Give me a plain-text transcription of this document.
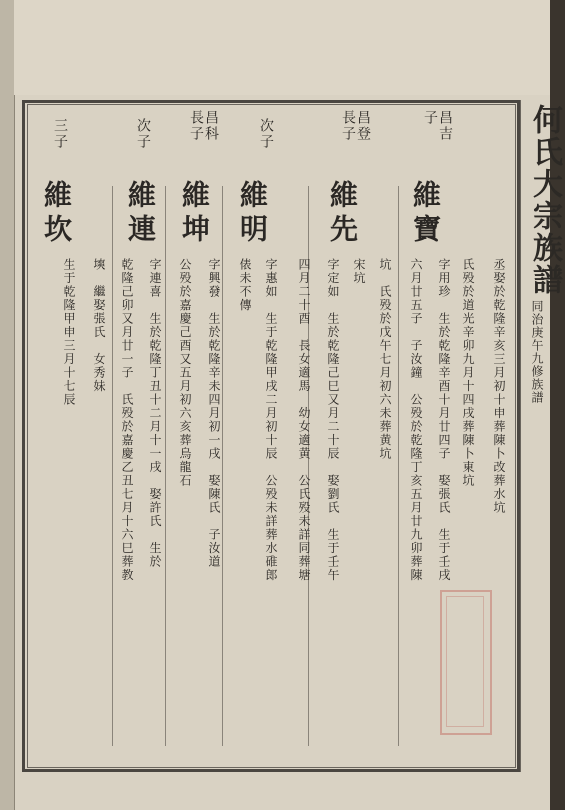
何氏大宗族譜
同治庚午九修族譜
昌吉
子
維寶
丞娶於乾隆辛亥三月初十申葬陳卜改葬水坑
氏殁於道光辛卯九月十四戌葬陳卜東坑
字用珍　生於乾隆辛酉十月廿四子　娶張氏　生于壬戌
六月廿五子　子汝鐘　公殁於乾隆丁亥五月廿九卯葬陳
坑　氏殁於戊午七月初六未葬黄坑
昌登
長子
維先
宋坑
字定如　生於乾隆己巳又月二十辰　娶劉氏　生于壬午
四月二十酉　長女適馬　幼女適黄　公氏殁未詳同葬塘
次子
維明
字惠如　生于乾隆甲戌二月初十辰　公殁未詳葬水碓郎
俵未不傳
昌科
長子
維坤
字興發　生於乾隆辛未四月初一戌　娶陳氏　子汝道
公殁於嘉慶己酉又五月初六亥葬烏龍石
次子
維連
字連喜　生於乾隆丁丑十二月十一戌　娶許氏　生於
乾隆己卯又月廿一子　氏殁於嘉慶乙丑七月十六巳葬教
塽　繼娶張氏　女秀妹
三子
維坎
生于乾隆甲申三月十七辰
